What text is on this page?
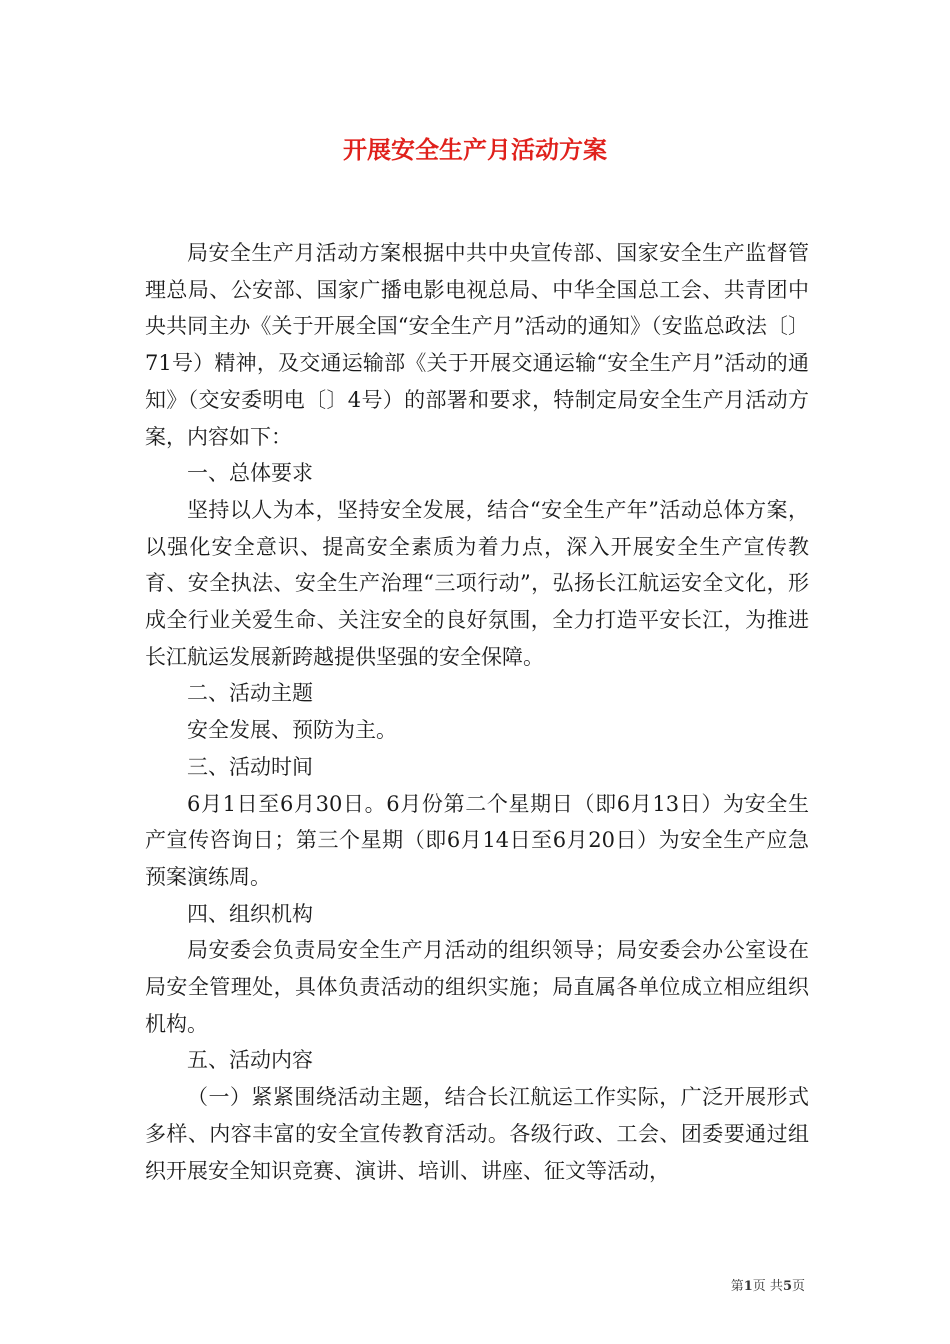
开展安全生产月活动方案

局安全生产月活动方案根据中共中央宣传部、国家安全生产监督管理总局、公安部、国家广播电影电视总局、中华全国总工会、共青团中央共同主办《关于开展全国“安全生产月”活动的通知》（安监总政法〔〕71号）精神，及交通运输部《关于开展交通运输“安全生产月”活动的通知》（交安委明电〔〕4号）的部署和要求，特制定局安全生产月活动方案，内容如下：

一、总体要求

坚持以人为本，坚持安全发展，结合“安全生产年”活动总体方案，以强化安全意识、提高安全素质为着力点，深入开展安全生产宣传教育、安全执法、安全生产治理“三项行动”，弘扬长江航运安全文化，形成全行业关爱生命、关注安全的良好氛围，全力打造平安长江，为推进长江航运发展新跨越提供坚强的安全保障。

二、活动主题

安全发展、预防为主。

三、活动时间

6月1日至6月30日。6月份第二个星期日（即6月13日）为安全生产宣传咨询日；第三个星期（即6月14日至6月20日）为安全生产应急预案演练周。

四、组织机构

局安委会负责局安全生产月活动的组织领导；局安委会办公室设在局安全管理处，具体负责活动的组织实施；局直属各单位成立相应组织机构。

五、活动内容

（一）紧紧围绕活动主题，结合长江航运工作实际，广泛开展形式多样、内容丰富的安全宣传教育活动。各级行政、工会、团委要通过组织开展安全知识竞赛、演讲、培训、讲座、征文等活动，

第1页 共5页
